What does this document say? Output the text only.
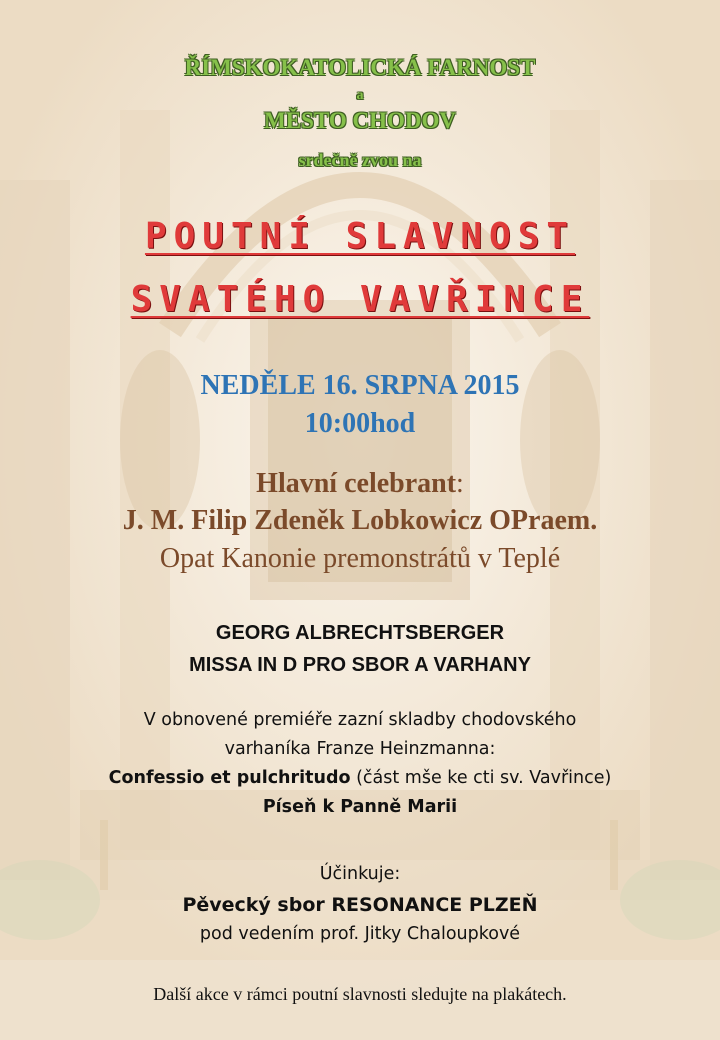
ŘÍMSKOKATOLICKÁ FARNOST

a

MĚSTO CHODOV

srdečně zvou na

POUTNÍ SLAVNOST

SVATÉHO VAVŘINCE

NEDĚLE 16. SRPNA 2015

10:00hod

Hlavní celebrant:

J. M. Filip Zdeněk Lobkowicz OPraem.

Opat Kanonie premonstrátů v Teplé

GEORG ALBRECHTSBERGER

MISSA IN D PRO SBOR A VARHANY

V obnovené premiéře zazní skladby chodovského

varhaníka Franze Heinzmanna:

Confessio et pulchritudo (část mše ke cti sv. Vavřince)

Píseň k Panně Marii

Účinkuje:

Pěvecký sbor RESONANCE PLZEŇ

pod vedením prof. Jitky Chaloupkové

Další akce v rámci poutní slavnosti sledujte na plakátech.
